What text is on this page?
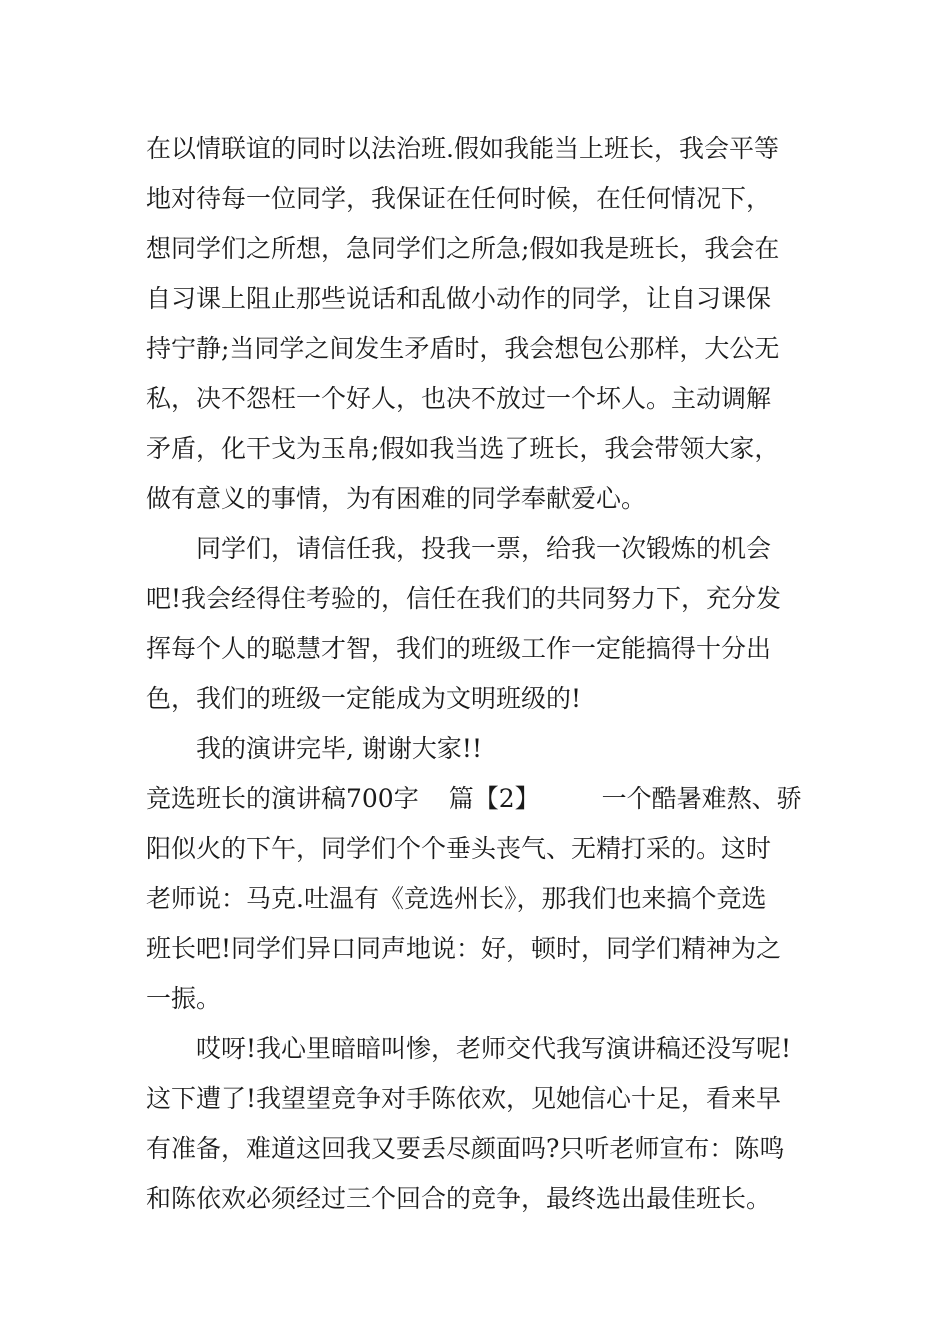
在以情联谊的同时以法治班.假如我能当上班长，我会平等
地对待每一位同学，我保证在任何时候，在任何情况下，
想同学们之所想，急同学们之所急;假如我是班长，我会在
自习课上阻止那些说话和乱做小动作的同学，让自习课保
持宁静;当同学之间发生矛盾时，我会想包公那样，大公无
私，决不怨枉一个好人，也决不放过一个坏人。主动调解
矛盾，化干戈为玉帛;假如我当选了班长，我会带领大家，
做有意义的事情，为有困难的同学奉献爱心。
同学们，请信任我，投我一票，给我一次锻炼的机会
吧!我会经得住考验的，信任在我们的共同努力下，充分发
挥每个人的聪慧才智，我们的班级工作一定能搞得十分出
色，我们的班级一定能成为文明班级的!
我的演讲完毕, 谢谢大家!!
竞选班长的演讲稿700字 篇【2】 一个酷暑难熬、骄
阳似火的下午，同学们个个垂头丧气、无精打采的。这时
老师说：马克.吐温有《竞选州长》，那我们也来搞个竞选
班长吧!同学们异口同声地说：好，顿时，同学们精神为之
一振。
哎呀!我心里暗暗叫惨，老师交代我写演讲稿还没写呢!
这下遭了!我望望竞争对手陈依欢，见她信心十足，看来早
有准备，难道这回我又要丢尽颜面吗?只听老师宣布：陈鸣
和陈依欢必须经过三个回合的竞争，最终选出最佳班长。
